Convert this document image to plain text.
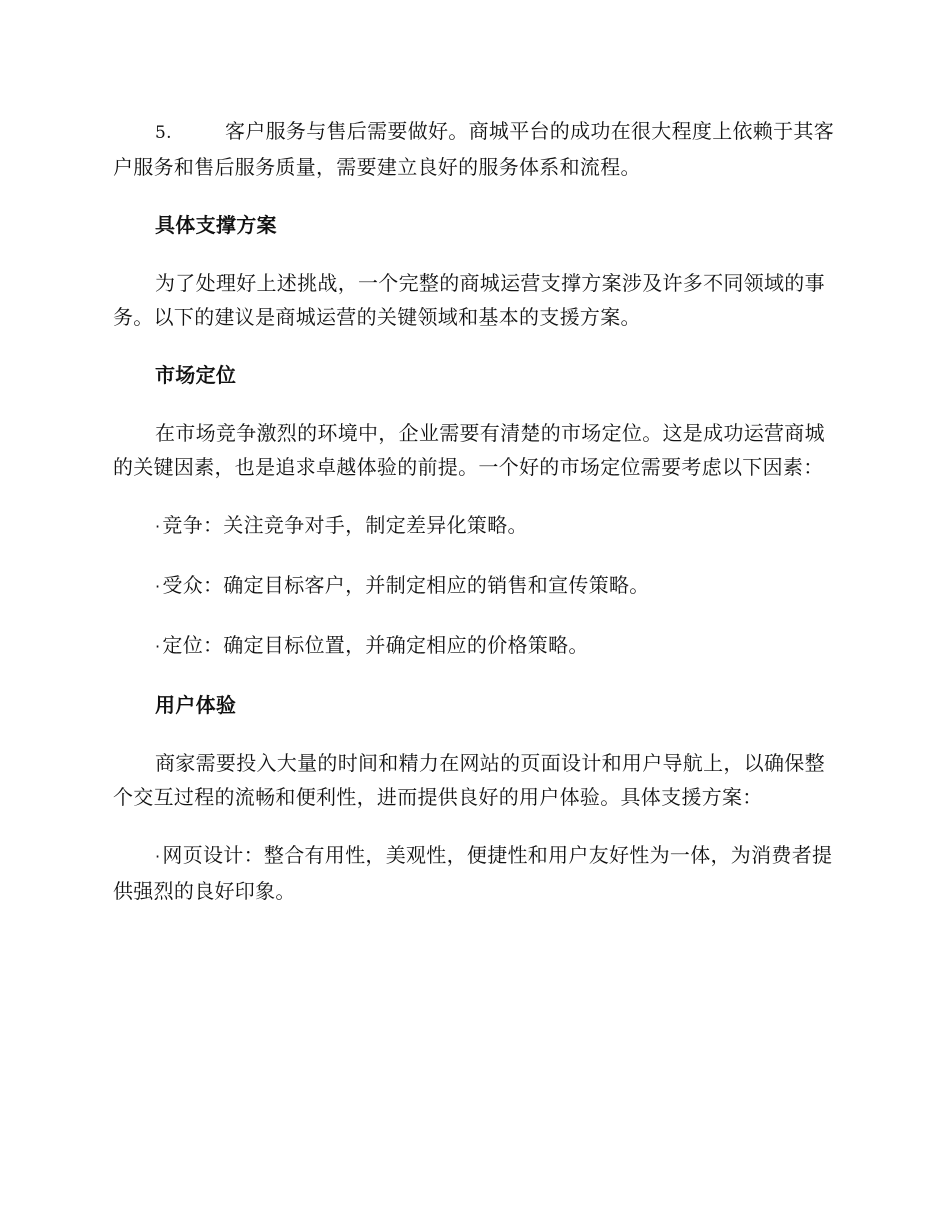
5.	客户服务与售后需要做好。商城平台的成功在很大程度上依赖于其客户服务和售后服务质量，需要建立良好的服务体系和流程。

具体支撑方案

为了处理好上述挑战，一个完整的商城运营支撑方案涉及许多不同领域的事务。以下的建议是商城运营的关键领域和基本的支援方案。

市场定位

在市场竞争激烈的环境中，企业需要有清楚的市场定位。这是成功运营商城的关键因素，也是追求卓越体验的前提。一个好的市场定位需要考虑以下因素：

· 竞争：关注竞争对手，制定差异化策略。

· 受众：确定目标客户，并制定相应的销售和宣传策略。

· 定位：确定目标位置，并确定相应的价格策略。

用户体验

商家需要投入大量的时间和精力在网站的页面设计和用户导航上，以确保整个交互过程的流畅和便利性，进而提供良好的用户体验。具体支援方案：

· 网页设计：整合有用性，美观性，便捷性和用户友好性为一体，为消费者提供强烈的良好印象。
